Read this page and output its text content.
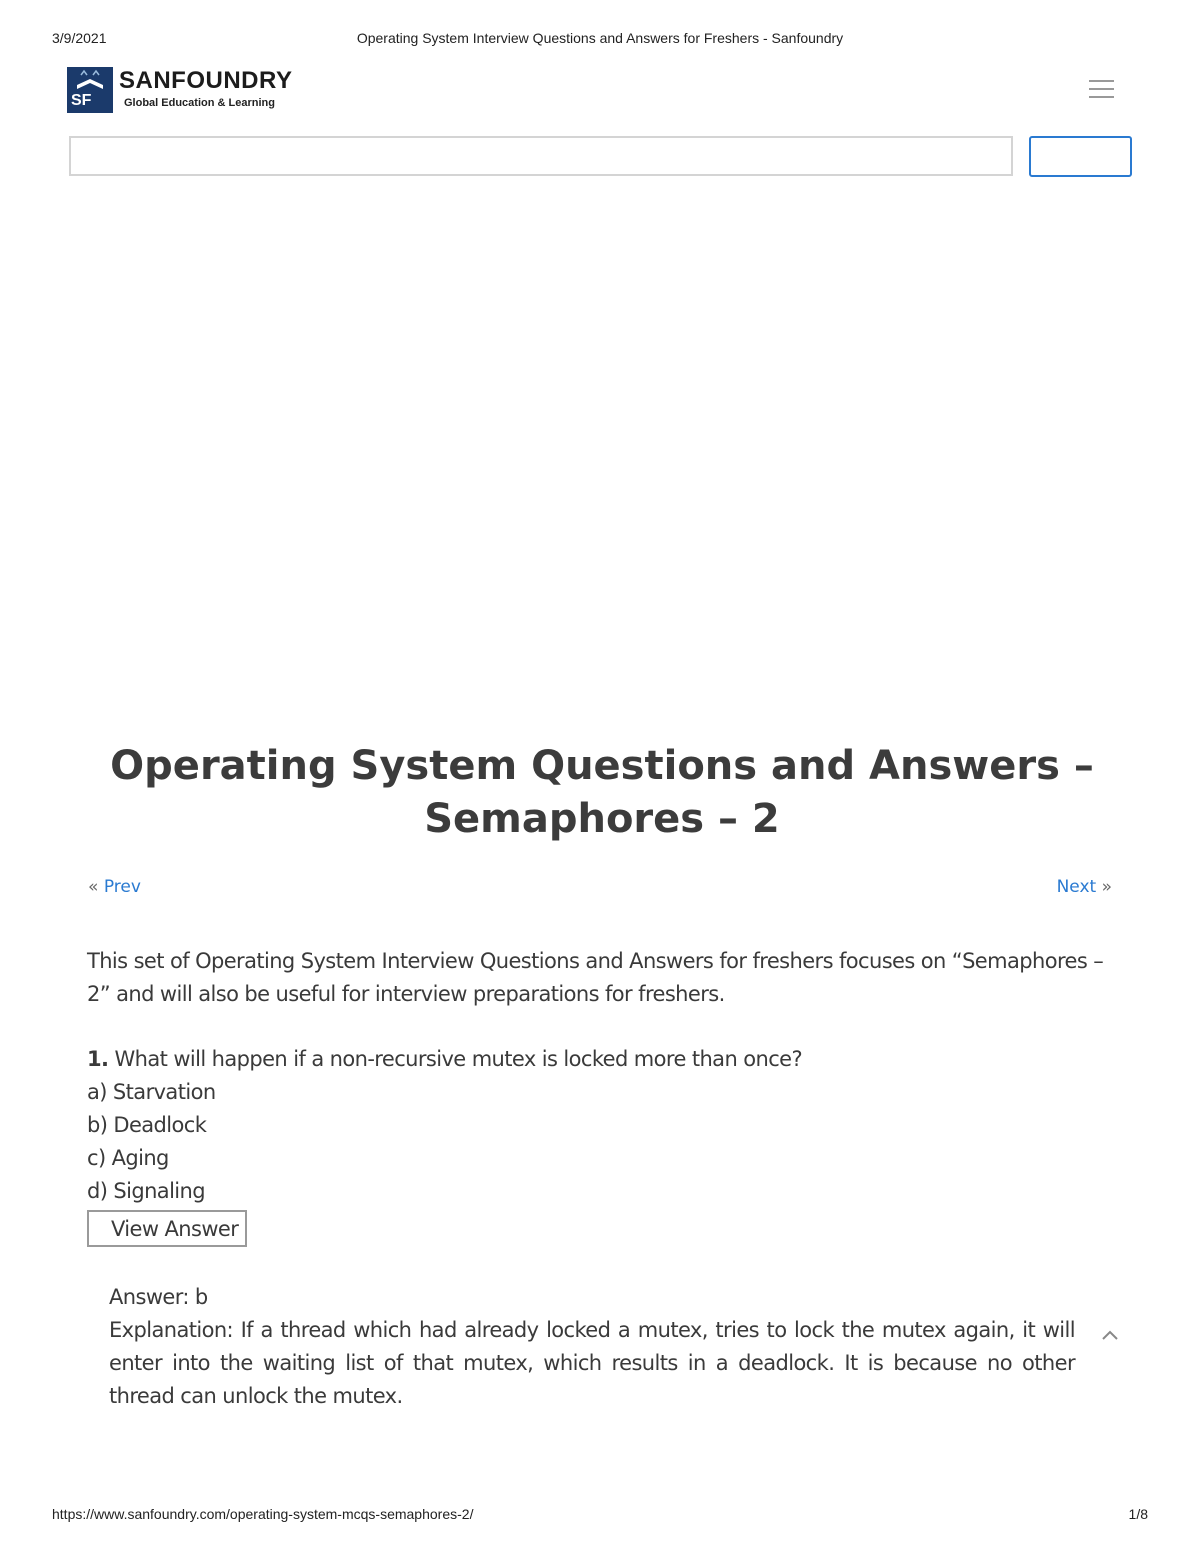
3/9/2021	Operating System Interview Questions and Answers for Freshers - Sanfoundry
SF
SANFOUNDRY
Global Education & Learning
Operating System Questions and Answers – Semaphores – 2
« Prev	Next »

This set of Operating System Interview Questions and Answers for freshers focuses on “Semaphores – 2” and will also be useful for interview preparations for freshers.

1. What will happen if a non-recursive mutex is locked more than once?
a) Starvation
b) Deadlock
c) Aging
d) Signaling
View Answer
Answer: b
Explanation: If a thread which had already locked a mutex, tries to lock the mutex again, it will enter into the waiting list of that mutex, which results in a deadlock. It is because no other thread can unlock the mutex.
https://www.sanfoundry.com/operating-system-mcqs-semaphores-2/	1/8
